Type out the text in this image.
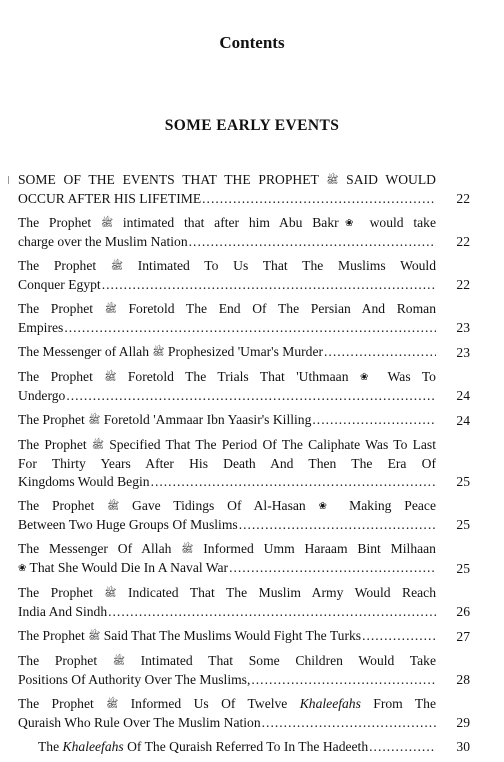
Contents
SOME EARLY EVENTS
SOME OF THE EVENTS THAT THE PROPHET ﷺ SAID WOULD
OCCUR AFTER HIS LIFETIME .....	22
The Prophet ﷺ intimated that after him Abu Bakr❀ would take
charge over the Muslim Nation .....	22
The Prophet ﷺ Intimated To Us That The Muslims Would
Conquer Egypt .....	22
The Prophet ﷺ Foretold The End Of The Persian And Roman
Empires .....	23
The Messenger of Allah ﷺ Prophesized 'Umar's Murder .....	23
The Prophet ﷺ Foretold The Trials That 'Uthmaan ❀ Was To
Undergo .....	24
The Prophet ﷺ Foretold 'Ammaar Ibn Yaasir's Killing .....	24
The Prophet ﷺ Specified That The Period Of The Caliphate Was To Last For Thirty Years After His Death And Then The Era Of
Kingdoms Would Begin .....	25
The Prophet ﷺ Gave Tidings Of Al-Hasan ❀ Making Peace
Between Two Huge Groups Of Muslims .....	25
The Messenger Of Allah ﷺ Informed Umm Haraam Bint Milhaan
❀ That She Would Die In A Naval War .....	25
The Prophet ﷺ Indicated That The Muslim Army Would Reach
India And Sindh .....	26
The Prophet ﷺ Said That The Muslims Would Fight The Turks .....	27
The Prophet ﷺ Intimated That Some Children Would Take
Positions Of Authority Over The Muslims, .....	28
The Prophet ﷺ Informed Us Of Twelve Khaleefahs From The
Quraish Who Rule Over The Muslim Nation .....	29
The Khaleefahs Of The Quraish Referred To In The Hadeeth .....	30
